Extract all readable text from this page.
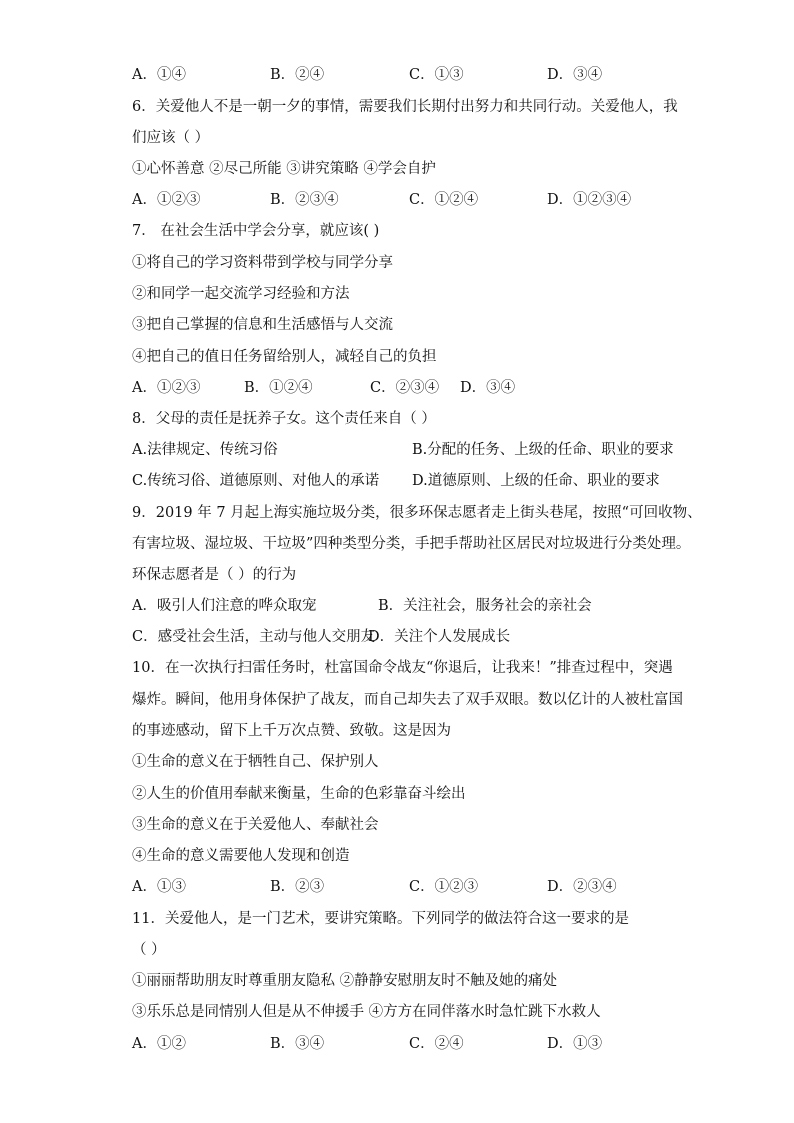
A．①④	B．②④	C．①③	D．③④
6．关爱他人不是一朝一夕的事情，需要我们长期付出努力和共同行动。关爱他人，我
们应该（ ）
①心怀善意 ②尽己所能 ③讲究策略 ④学会自护
A．①②③	B．②③④	C．①②④	D．①②③④
7． 在社会生活中学会分享，就应该( )
①将自己的学习资料带到学校与同学分享
②和同学一起交流学习经验和方法
③把自己掌握的信息和生活感悟与人交流
④把自己的值日任务留给别人，减轻自己的负担
A．①②③	B．①②④	C．②③④ D．③④
8．父母的责任是抚养子女。这个责任来自（ ）
A.法律规定、传统习俗	B.分配的任务、上级的任命、职业的要求
C.传统习俗、道德原则、对他人的承诺 D.道德原则、上级的任命、职业的要求
9．2019 年 7 月起上海实施垃圾分类，很多环保志愿者走上街头巷尾，按照“可回收物、
有害垃圾、湿垃圾、干垃圾”四种类型分类，手把手帮助社区居民对垃圾进行分类处理。
环保志愿者是（ ）的行为
A．吸引人们注意的哗众取宠	B．关注社会，服务社会的亲社会
C．感受社会生活，主动与他人交朋友
D．关注个人发展成长
10．在一次执行扫雷任务时，杜富国命令战友“你退后，让我来！”排查过程中，突遇
爆炸。瞬间，他用身体保护了战友，而自己却失去了双手双眼。数以亿计的人被杜富国
的事迹感动，留下上千万次点赞、致敬。这是因为
①生命的意义在于牺牲自己、保护别人
②人生的价值用奉献来衡量，生命的色彩靠奋斗绘出
③生命的意义在于关爱他人、奉献社会
④生命的意义需要他人发现和创造
A．①③	B．②③	C．①②③	D．②③④
11．关爱他人，是一门艺术，要讲究策略。下列同学的做法符合这一要求的是
（ ）
①丽丽帮助朋友时尊重朋友隐私 ②静静安慰朋友时不触及她的痛处
③乐乐总是同情别人但是从不伸援手 ④方方在同伴落水时急忙跳下水救人
A．①②	B．③④	C．②④	D．①③
